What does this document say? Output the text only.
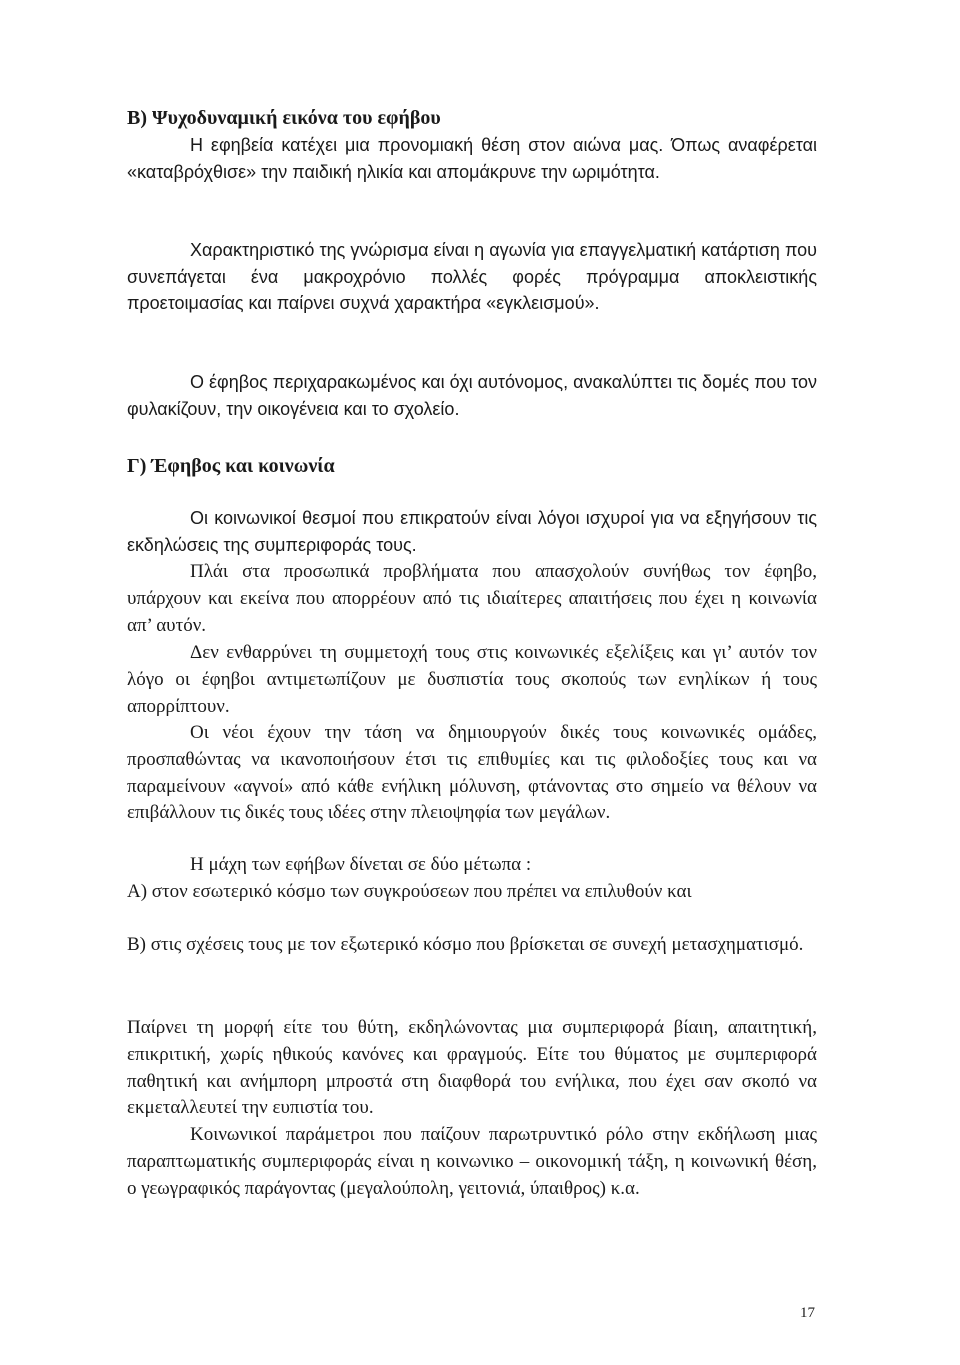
Β) Ψυχοδυναμική εικόνα του εφήβου

Η εφηβεία κατέχει μια προνομιακή θέση στον αιώνα μας. Όπως αναφέρεται «καταβρόχθισε» την παιδική ηλικία και απομάκρυνε την ωριμότητα.

Χαρακτηριστικό της γνώρισμα είναι η αγωνία για επαγγελματική κατάρτιση που συνεπάγεται ένα μακροχρόνιο πολλές φορές πρόγραμμα αποκλειστικής προετοιμασίας και παίρνει συχνά χαρακτήρα «εγκλεισμού».

Ο έφηβος περιχαρακωμένος και όχι αυτόνομος, ανακαλύπτει τις δομές που τον φυλακίζουν, την οικογένεια και το σχολείο.

Γ) Έφηβος και κοινωνία

Οι κοινωνικοί θεσμοί που επικρατούν είναι λόγοι ισχυροί για να εξηγήσουν τις εκδηλώσεις της συμπεριφοράς τους.

Πλάι στα προσωπικά προβλήματα που απασχολούν συνήθως τον έφηβο, υπάρχουν και εκείνα που απορρέουν από τις ιδιαίτερες απαιτήσεις που έχει η κοινωνία απ’ αυτόν.

Δεν ενθαρρύνει τη συμμετοχή τους στις κοινωνικές εξελίξεις και γι’ αυτόν τον λόγο οι έφηβοι αντιμετωπίζουν με δυσπιστία τους σκοπούς των ενηλίκων ή τους απορρίπτουν.

Οι νέοι έχουν την τάση να δημιουργούν δικές τους κοινωνικές ομάδες, προσπαθώντας να ικανοποιήσουν έτσι τις επιθυμίες και τις φιλοδοξίες τους και να παραμείνουν «αγνοί» από κάθε ενήλικη μόλυνση, φτάνοντας στο σημείο να θέλουν να επιβάλλουν τις δικές τους ιδέες στην πλειοψηφία των μεγάλων.

Η μάχη των εφήβων δίνεται σε δύο μέτωπα :

Α) στον εσωτερικό κόσμο των συγκρούσεων που πρέπει να επιλυθούν και

Β) στις σχέσεις τους με τον εξωτερικό κόσμο που βρίσκεται σε συνεχή μετασχηματισμό.

Παίρνει τη μορφή είτε του θύτη, εκδηλώνοντας μια συμπεριφορά βίαιη, απαιτητική, επικριτική, χωρίς ηθικούς κανόνες και φραγμούς. Είτε του θύματος με συμπεριφορά παθητική και ανήμπορη μπροστά στη διαφθορά του ενήλικα, που έχει σαν σκοπό να εκμεταλλευτεί την ευπιστία του.

Κοινωνικοί παράμετροι που παίζουν παρωτρυντικό ρόλο στην εκδήλωση μιας παραπτωματικής συμπεριφοράς είναι η κοινωνικο – οικονομική τάξη, η κοινωνική θέση, ο γεωγραφικός παράγοντας (μεγαλούπολη, γειτονιά, ύπαιθρος) κ.α.

17
